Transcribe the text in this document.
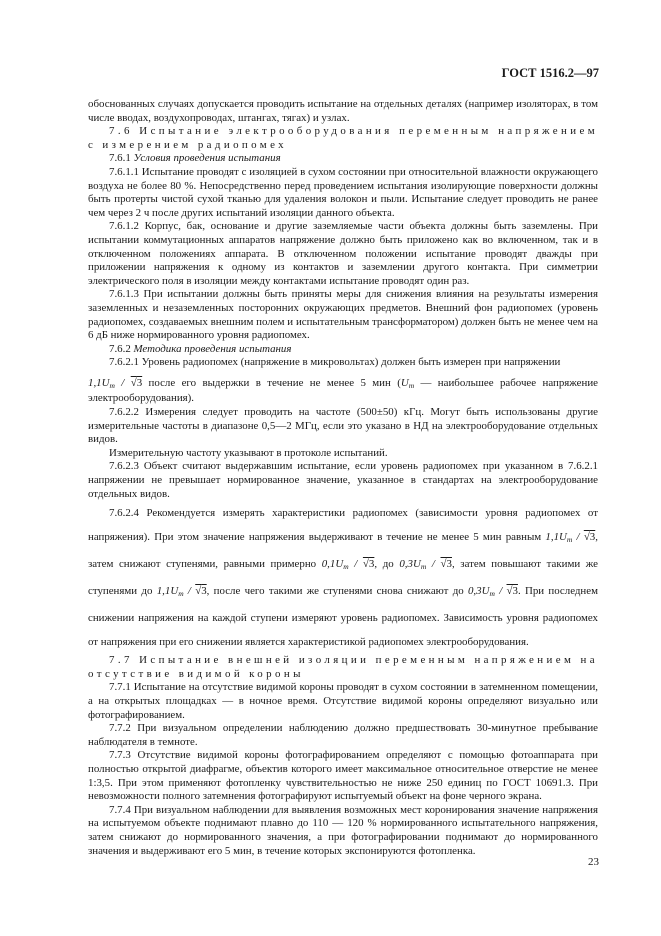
ГОСТ 1516.2—97

обоснованных случаях допускается проводить испытание на отдельных деталях (например изоляторах, в том числе вводах, воздухопроводах, штангах, тягах) и узлах.

7.6 Испытание электрооборудования переменным напряжением с измерением радиопомех

7.6.1 Условия проведения испытания

7.6.1.1 Испытание проводят с изоляцией в сухом состоянии при относительной влажности окружающего воздуха не более 80 %. Непосредственно перед проведением испытания изолирующие поверхности должны быть протерты чистой сухой тканью для удаления волокон и пыли. Испытание следует проводить не ранее чем через 2 ч после других испытаний изоляции данного объекта.

7.6.1.2 Корпус, бак, основание и другие заземляемые части объекта должны быть заземлены. При испытании коммутационных аппаратов напряжение должно быть приложено как во включенном, так и в отключенном положениях аппарата. В отключенном положении испытание проводят дважды при приложении напряжения к одному из контактов и заземлении другого контакта. При симметрии электрического поля в изоляции между контактами испытание проводят один раз.

7.6.1.3 При испытании должны быть приняты меры для снижения влияния на результаты измерения заземленных и незаземленных посторонних окружающих предметов. Внешний фон радиопомех (уровень радиопомех, создаваемых внешним полем и испытательным трансформатором) должен быть не менее чем на 6 дБ ниже нормированного уровня радиопомех.

7.6.2 Методика проведения испытания

7.6.2.1 Уровень радиопомех (напряжение в микровольтах) должен быть измерен при напряжении

$1,1U_m / √3$ после его выдержки в течение не менее 5 мин ($U_m$ — наибольшее рабочее напряжение электрооборудования).

7.6.2.2 Измерения следует проводить на частоте (500±50) кГц. Могут быть использованы другие измерительные частоты в диапазоне 0,5—2 МГц, если это указано в НД на электрооборудование отдельных видов.

Измерительную частоту указывают в протоколе испытаний.

7.6.2.3 Объект считают выдержавшим испытание, если уровень радиопомех при указанном в 7.6.2.1 напряжении не превышает нормированное значение, указанное в стандартах на электрооборудование отдельных видов.

7.6.2.4 Рекомендуется измерять характеристики радиопомех (зависимости уровня радиопомех от напряжения). При этом значение напряжения выдерживают в течение не менее 5 мин равным $1,1U_m / √3$, затем снижают ступенями, равными примерно $0,1U_m / √3$, до $0,3U_m / √3$, затем повышают такими же ступенями до $1,1U_m / √3$, после чего такими же ступенями снова снижают до $0,3U_m / √3$. При последнем снижении напряжения на каждой ступени измеряют уровень радиопомех. Зависимость уровня радиопомех от напряжения при его снижении является характеристикой радиопомех электрооборудования.

7.7 Испытание внешней изоляции переменным напряжением на отсутствие видимой короны

7.7.1 Испытание на отсутствие видимой короны проводят в сухом состоянии в затемненном помещении, а на открытых площадках — в ночное время. Отсутствие видимой короны определяют визуально или фотографированием.

7.7.2 При визуальном определении наблюдению должно предшествовать 30-минутное пребывание наблюдателя в темноте.

7.7.3 Отсутствие видимой короны фотографированием определяют с помощью фотоаппарата при полностью открытой диафрагме, объектив которого имеет максимальное относительное отверстие не менее 1:3,5. При этом применяют фотопленку чувствительностью не ниже 250 единиц по ГОСТ 10691.3. При невозможности полного затемнения фотографируют испытуемый объект на фоне черного экрана.

7.7.4 При визуальном наблюдении для выявления возможных мест коронирования значение напряжения на испытуемом объекте поднимают плавно до 110 — 120 % нормированного испытательного напряжения, затем снижают до нормированного значения, а при фотографировании поднимают до нормированного значения и выдерживают его 5 мин, в течение которых экспонируются фотопленка.

23
